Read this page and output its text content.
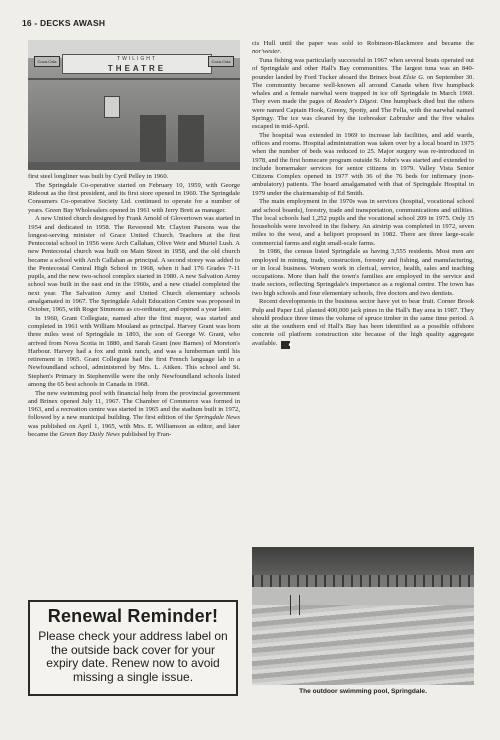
16 - DECKS AWASH
Coca-Cola	TWILIGHT
THEATRE
Coca-Cola

first steel longliner was built by Cyril Pelley in 1960.

The Springdale Co-operative started on February 10, 1959, with George Rideout as the first president, and its first store opened in 1960. The Springdale Consumers Co-operative Society Ltd. continued to operate for a number of years. Green Bay Wholesalers opened in 1961 with Jerry Brett as manager.

A new United church designed by Frank Arnold of Glovertown was started in 1954 and dedicated in 1958. The Reverend Mr. Clayton Parsons was the longest-serving minister of Grace United Church. Teachers at the first Pentecostal school in 1956 were Arch Callahan, Olive Weir and Muriel Lush. A new Pentecostal church was built on Main Street in 1958, and the old church became a school with Arch Callahan as principal. A second storey was added to the Pentecostal Central High School in 1968, when it had 176 Grades 7-11 pupils, and the new two-school complex started in 1980. A new Salvation Army school was built in the east end in the 1960s, and a new citadel completed the next year. The Salvation Army and United Church elementary schools amalgamated in 1967. The Springdale Adult Education Centre was proposed in October, 1965, with Roger Simmons as co-ordinator, and opened a year later.

In 1960, Grant Collegiate, named after the first mayor, was started and completed in 1961 with William Mouland as principal. Harvey Grant was born three miles west of Springdale in 1893, the son of George W. Grant, who arrived from Nova Scotia in 1880, and Sarah Grant (nee Barnes) of Moreton's Harbour. Harvey had a fox and mink ranch, and was a lumberman until his retirement in 1965. Grant Collegiate had the first French language lab in a Newfoundland school, administered by Mrs. L. Aitken. This school and St. Stephen's Primary in Stephenville were the only Newfoundland schools listed among the 65 best schools in Canada in 1968.

The new swimming pool with financial help from the provincial government and Brinex opened July 11, 1967. The Chamber of Commerce was formed in 1963, and a recreation centre was started in 1965 and the stadium built in 1972, followed by a new municipal building. The first edition of the Springdale News was published on April 1, 1965, with Mrs. E. Williamson as editor, and later became the Green Bay Daily News published by Fran-

Renewal Reminder!
Please check your address label on the outside back cover for your expiry date. Renew now to avoid missing a single issue.

cis Hull until the paper was sold to Robinson-Blackmore and became the nor'wester.

Tuna fishing was particularly successful in 1967 when several boats operated out of Springdale and other Hall's Bay communities. The largest tuna was an 840-pounder landed by Ford Tucker aboard the Brinex boat Elsie G. on September 30. The community became well-known all around Canada when five humpback whales and a female narwhal were trapped in ice off Springdale in March 1969. They even made the pages of Reader's Digest. One humpback died but the others were named Captain Hook, Greeny, Spotty, and The Fella, with the narwhal named Springy. The ice was cleared by the icebreaker Labrador and the five whales escaped in mid-April.

The hospital was extended in 1969 to increase lab facilities, and add wards, offices and rooms. Hospital administration was taken over by a local board in 1975 when the number of beds was reduced to 25. Major surgery was re-introduced in 1978, and the first homecare program outside St. John's was started and extended to include homemaker services for senior citizens in 1979. Valley Vista Senior Citizens Complex opened in 1977 with 36 of the 76 beds for infirmary (non-ambulatory) patients. The board amalgamated with that of Springdale Hospital in 1979 under the chairmanship of Ed Smith.

The main employment in the 1970s was in services (hospital, vocational school and school boards), forestry, trade and transportation, communications and utilities. The local schools had 1,252 pupils and the vocational school 209 in 1975. Only 15 households were involved in the fishery. An airstrip was completed in 1972, seven miles to the west, and a heliport proposed in 1982. There are three large-scale commercial farms and eight small-scale farms.

In 1986, the census listed Springdale as having 3,555 residents. Most men are employed in mining, trade, construction, forestry and fishing, and manufacturing, or in local business. Women work in clerical, service, health, sales and teaching occupations. More than half the town's families are employed in the service and trade sectors, reflecting Springdale's importance as a regional centre. The town has two high schools and four elementary schools, five doctors and two dentists.

Recent developments in the business sector have yet to bear fruit. Corner Brook Pulp and Paper Ltd. planted 400,000 jack pines in the Hall's Bay area in 1987. They should produce three times the volume of spruce timber in the same time period. A site at the southern end of Hall's Bay has been identified as a possible offshore concrete oil platform construction site because of the high quality aggregate available. ■

The outdoor swimming pool, Springdale.
